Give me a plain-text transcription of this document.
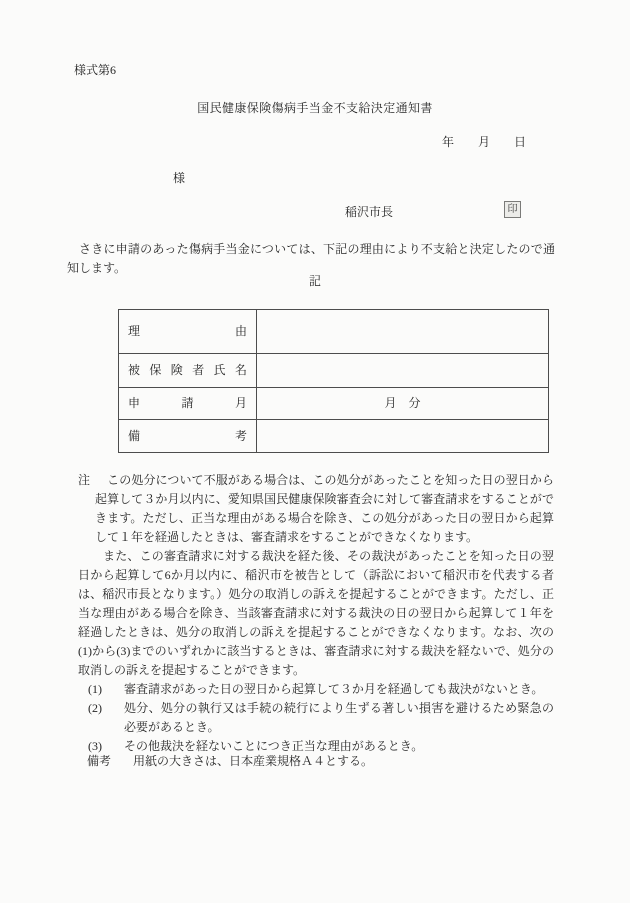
様式第6
国民健康保険傷病手当金不支給決定通知書
年　　月　　日
様
稲沢市長	印
さきに申請のあった傷病手当金については、下記の理由により不支給と決定したので通知します。
記
理由	
被保険者氏名	
申請月	月　分
備考	

注 この処分について不服がある場合は、この処分があったことを知った日の翌日から起算して３か月以内に、愛知県国民健康保険審査会に対して審査請求をすることができます。ただし、正当な理由がある場合を除き、この処分があった日の翌日から起算して１年を経過したときは、審査請求をすることができなくなります。

また、この審査請求に対する裁決を経た後、その裁決があったことを知った日の翌日から起算して6か月以内に、稲沢市を被告として（訴訟において稲沢市を代表する者は、稲沢市長となります。）処分の取消しの訴えを提起することができます。ただし、正当な理由がある場合を除き、当該審査請求に対する裁決の日の翌日から起算して１年を経過したときは、処分の取消しの訴えを提起することができなくなります。なお、次の(1)から(3)までのいずれかに該当するときは、審査請求に対する裁決を経ないで、処分の取消しの訴えを提起することができます。

(1) 審査請求があった日の翌日から起算して３か月を経過しても裁決がないとき。

(2) 処分、処分の執行又は手続の続行により生ずる著しい損害を避けるため緊急の必要があるとき。

(3) その他裁決を経ないことにつき正当な理由があるとき。

備考 用紙の大きさは、日本産業規格Ａ４とする。
